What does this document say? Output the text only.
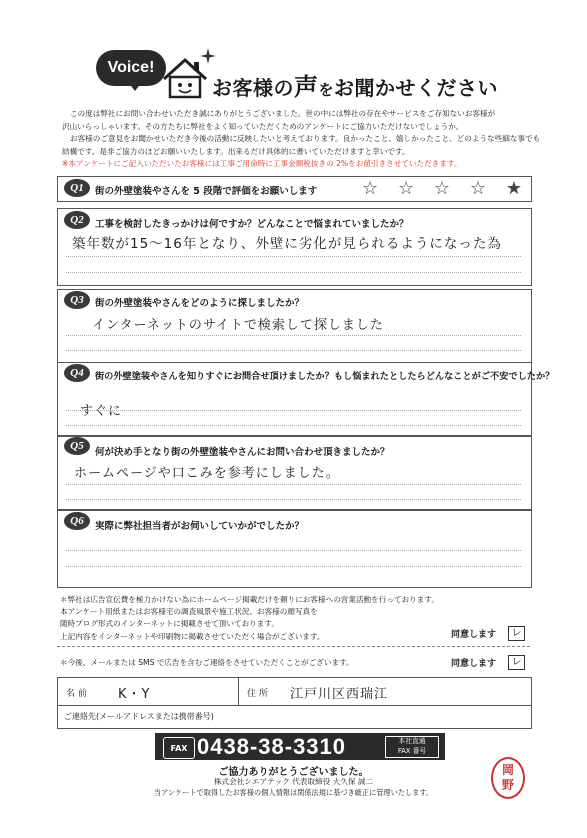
Voice!
お客様の声をお聞かせください

この度は弊社にお問い合わせいただき誠にありがとうございました。世の中には弊社の存在やサービスをご存知ないお客様が

沢山いらっしゃいます。その方たちに弊社をよく知っていただくためのアンケートにご協力いただけないでしょうか。

お客様のご意見をお聞かせいただき今後の活動に反映したいと考えております。良かったこと、嬉しかったこと、どのような些細な事でも

結構です。是非ご協力のほどお願いいたします。出来るだけ具体的に書いていただけますと幸いです。

※本アンケートにご記入いただいたお客様には工事ご用命時に工事金額税抜きの 2%をお値引きさせていただきます。

Q1	街の外壁塗装やさんを 5 段階で評価をお願いします ☆ ☆ ☆ ☆ ★
Q2	工事を検討したきっかけは何ですか？どんなことで悩まれていましたか？
築年数が15〜16年となり、外壁に劣化が見られるようになった為
Q3	街の外壁塗装やさんをどのように探しましたか？
インターネットのサイトで検索して探しました
Q4	街の外壁塗装やさんを知りすぐにお問合せ頂けましたか？もし悩まれたとしたらどんなことがご不安でしたか？
すぐに
Q5
何が決め手となり街の外壁塗装やさんにお問い合わせ頂きましたか？
ホームページや口こみを参考にしました。
Q6	実際に弊社担当者がお伺いしていかがでしたか？

＊弊社は広告宣伝費を極力かけない為にホームページ掲載だけを頼りにお客様への営業活動を行っております。

本アンケート用紙またはお客様宅の調査風景や施工状況、お客様の顔写真を

随時ブログ形式のインターネットに掲載させて頂いております。

上記内容をインターネットや印刷物に掲載させていただく場合がございます。	同意します	レ
＊今後、メールまたは SMS で広告を含むご連絡をさせていただくことがございます。	同意します	レ
名 前 K・Y	住 所 江戸川区西瑞江
ご連絡先(メールアドレスまたは携帯番号)
FAX 0438-38-3310	本社直通
FAX 番号
ご協力ありがとうございました。
株式会社シエアテック 代表取締役 大久保 誠二
当アンケートで取得したお客様の個人情報は関係法規に基づき厳正に管理いたします。
岡
野
